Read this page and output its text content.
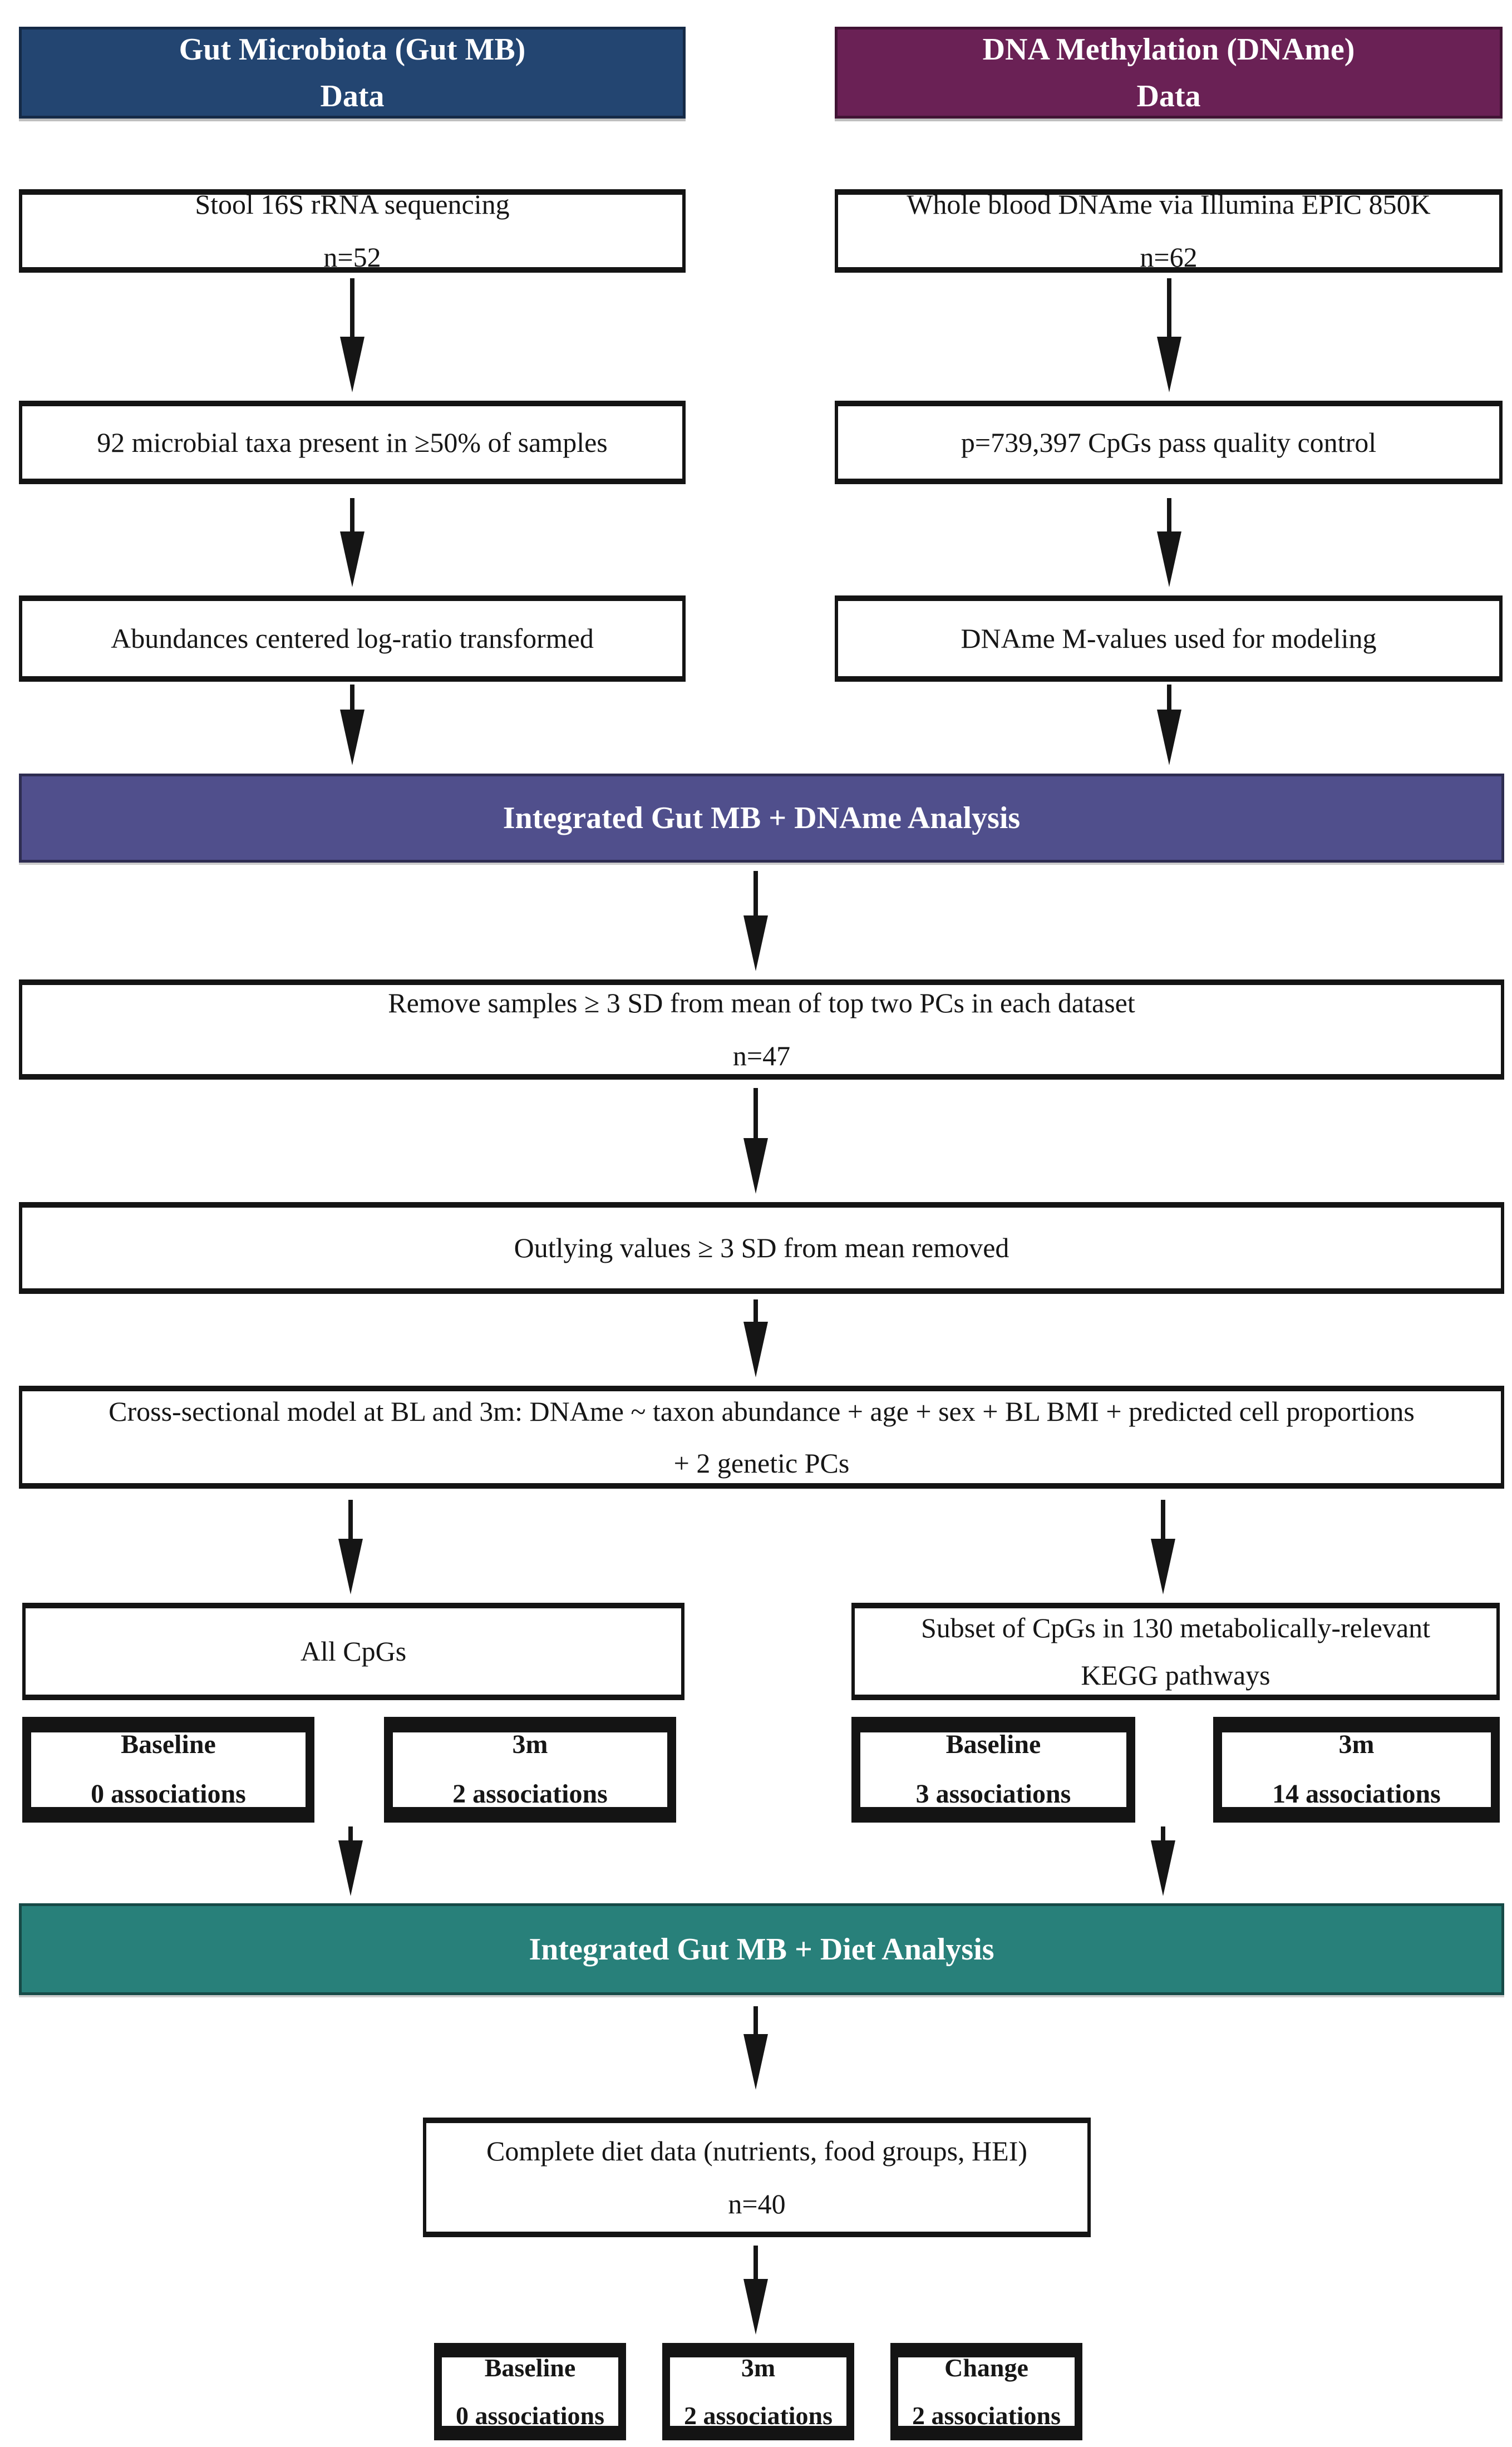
Gut Microbiota (Gut MB)
Data
DNA Methylation (DNAme)
Data
Stool 16S rRNA sequencing
n=52
Whole blood DNAme via Illumina EPIC 850K
n=62
92 microbial taxa present in ≥50% of samples	p=739,397 CpGs pass quality control
Abundances centered log-ratio transformed	DNAme M-values used for modeling
Integrated Gut MB + DNAme Analysis
Remove samples ≥ 3 SD from mean of top two PCs in each dataset
n=47
Outlying values ≥ 3 SD from mean removed
Cross-sectional model at BL and 3m: DNAme ~ taxon abundance + age + sex + BL BMI + predicted cell proportions + 2 genetic PCs
All CpGs
Subset of CpGs in 130 metabolically-relevant
KEGG pathways
Baseline
0 associations
3m
2 associations
Baseline
3 associations
3m
14 associations
Integrated Gut MB + Diet Analysis
Complete diet data (nutrients, food groups, HEI)
n=40
Baseline
0 associations
3m
2 associations
Change
2 associations
